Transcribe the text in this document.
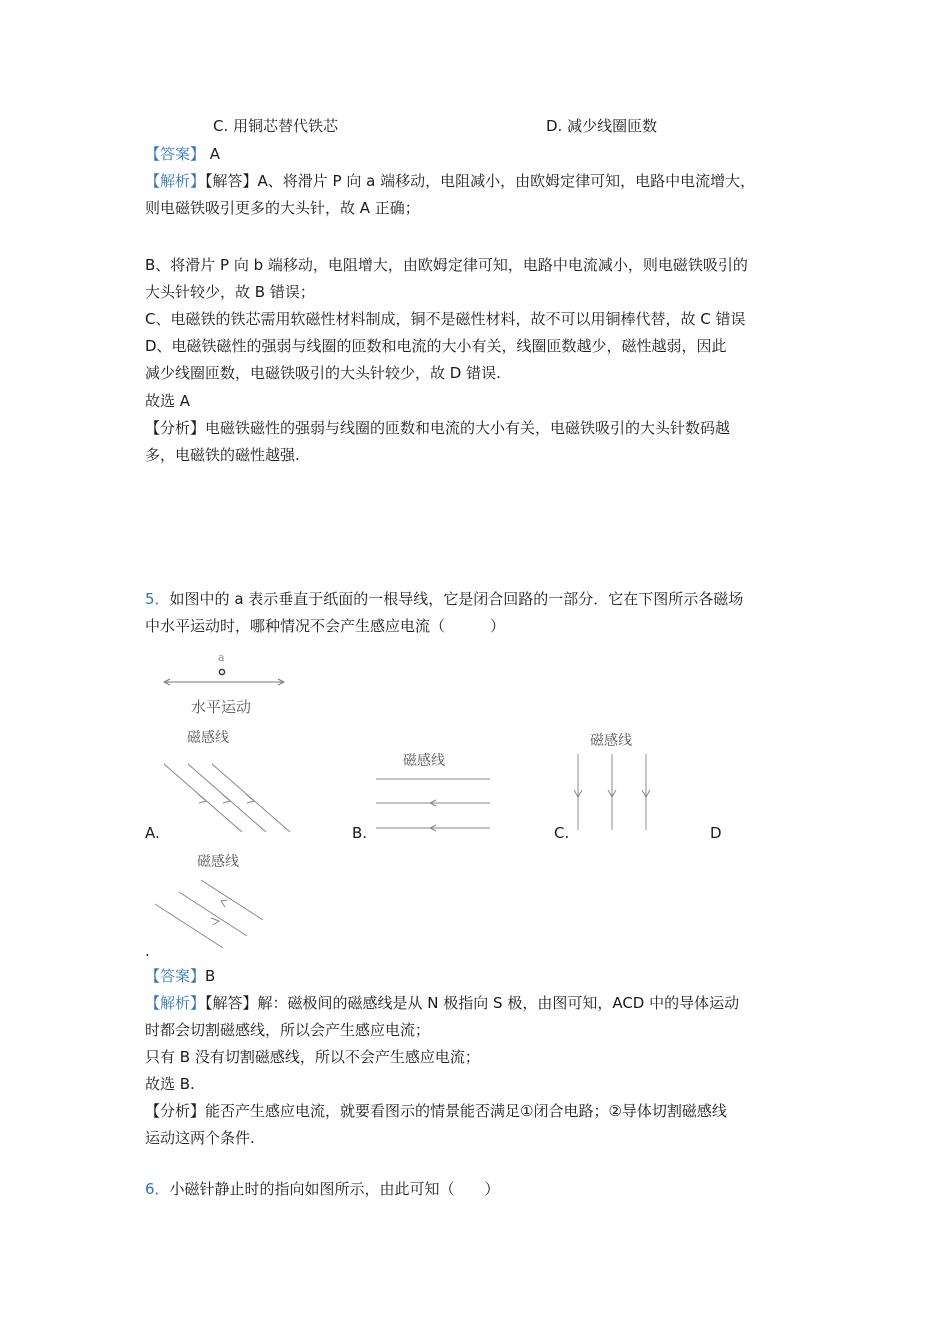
C. 用铜芯替代铁芯	D. 减少线圈匝数
【答案】 A
【解析】【解答】A、将滑片 P 向 a 端移动，电阻减小，由欧姆定律可知，电路中电流增大，
则电磁铁吸引更多的大头针，故 A 正确；
B、将滑片 P 向 b 端移动，电阻增大，由欧姆定律可知，电路中电流减小，则电磁铁吸引的
大头针较少，故 B 错误；
C、电磁铁的铁芯需用软磁性材料制成，铜不是磁性材料，故不可以用铜棒代替，故 C 错误
D、电磁铁磁性的强弱与线圈的匝数和电流的大小有关，线圈匝数越少，磁性越弱，因此
减少线圈匝数，电磁铁吸引的大头针较少，故 D 错误.
故选 A
【分析】电磁铁磁性的强弱与线圈的匝数和电流的大小有关，电磁铁吸引的大头针数码越
多，电磁铁的磁性越强.
5．如图中的 a 表示垂直于纸面的一根导线，它是闭合回路的一部分．它在下图所示各磁场
中水平运动时，哪种情况不会产生感应电流（　　　）
a
水平运动
磁感线
A.
磁感线
B.
磁感线
C.	D
磁感线
.
【答案】B
【解析】【解答】解：磁极间的磁感线是从 N 极指向 S 极，由图可知，ACD 中的导体运动
时都会切割磁感线，所以会产生感应电流；
只有 B 没有切割磁感线，所以不会产生感应电流；
故选 B.
【分析】能否产生感应电流，就要看图示的情景能否满足①闭合电路；②导体切割磁感线
运动这两个条件.
6．小磁针静止时的指向如图所示，由此可知（　　）
